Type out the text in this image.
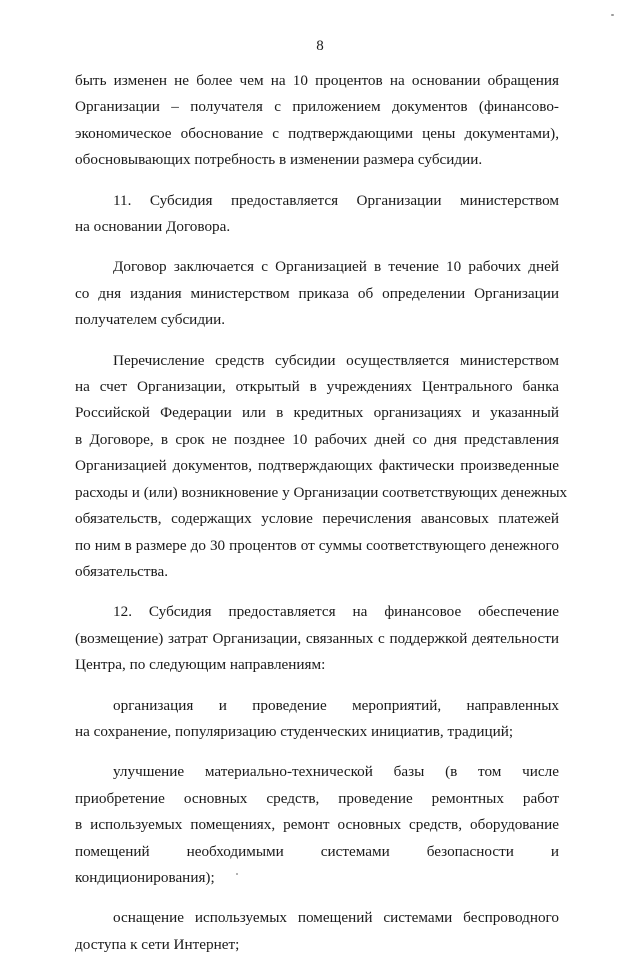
8
быть изменен не более чем на 10 процентов на основании обращения
Организации – получателя с приложением документов (финансово-
экономическое обоснование с подтверждающими цены документами),
обосновывающих потребность в изменении размера субсидии.
11. Субсидия предоставляется Организации министерством
на основании Договора.
Договор заключается с Организацией в течение 10 рабочих дней
со дня издания министерством приказа об определении Организации
получателем субсидии.
Перечисление средств субсидии осуществляется министерством
на счет Организации, открытый в учреждениях Центрального банка
Российской Федерации или в кредитных организациях и указанный
в Договоре, в срок не позднее 10 рабочих дней со дня представления
Организацией документов, подтверждающих фактически произведенные
расходы и (или) возникновение у Организации соответствующих денежных
обязательств, содержащих условие перечисления авансовых платежей
по ним в размере до 30 процентов от суммы соответствующего денежного
обязательства.
12. Субсидия предоставляется на финансовое обеспечение
(возмещение) затрат Организации, связанных с поддержкой деятельности
Центра, по следующим направлениям:
организация и проведение мероприятий, направленных
на сохранение, популяризацию студенческих инициатив, традиций;
улучшение материально-технической базы (в том числе
приобретение основных средств, проведение ремонтных работ
в используемых помещениях, ремонт основных средств, оборудование
помещений необходимыми системами безопасности и
кондиционирования);
оснащение используемых помещений системами беспроводного
доступа к сети Интернет;
